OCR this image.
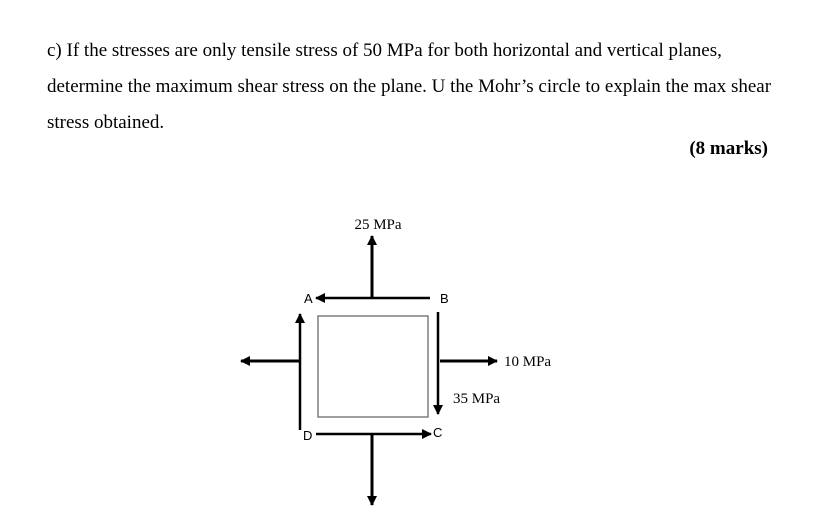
c) If the stresses are only tensile stress of 50 MPa for both horizontal and vertical planes, determine the maximum shear stress on the plane. U the Mohr’s circle to explain the max shear stress obtained.

(8 marks)

25 MPa
10 MPa
35 MPa
A	B
C
D
